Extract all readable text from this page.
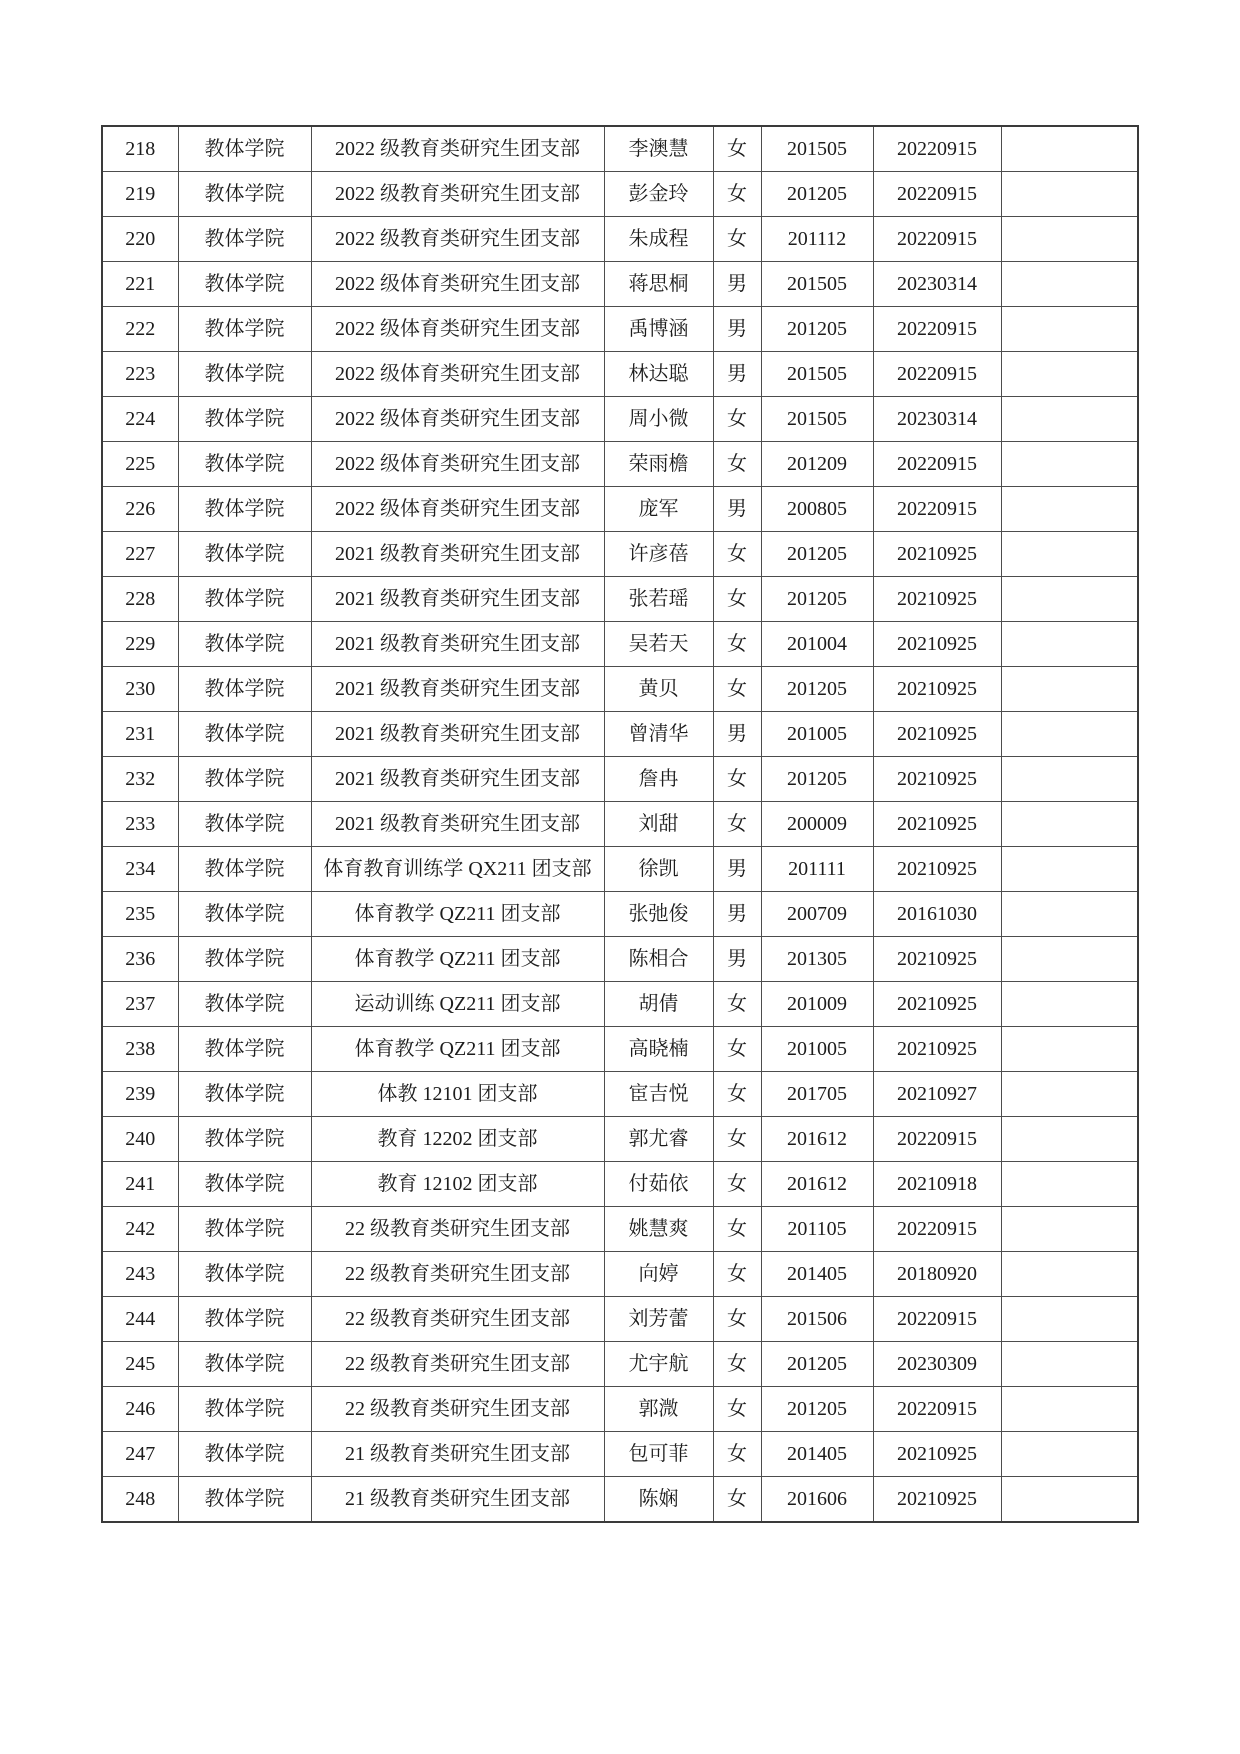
218	教体学院	2022 级教育类研究生团支部	李澳慧	女	201505	20220915	
219	教体学院	2022 级教育类研究生团支部	彭金玲	女	201205	20220915	
220	教体学院	2022 级教育类研究生团支部	朱成程	女	201112	20220915	
221	教体学院	2022 级体育类研究生团支部	蒋思桐	男	201505	20230314	
222	教体学院	2022 级体育类研究生团支部	禹博涵	男	201205	20220915	
223	教体学院	2022 级体育类研究生团支部	林达聪	男	201505	20220915	
224	教体学院	2022 级体育类研究生团支部	周小微	女	201505	20230314	
225	教体学院	2022 级体育类研究生团支部	荣雨檐	女	201209	20220915	
226	教体学院	2022 级体育类研究生团支部	庞军	男	200805	20220915	
227	教体学院	2021 级教育类研究生团支部	许彦蓓	女	201205	20210925	
228	教体学院	2021 级教育类研究生团支部	张若瑶	女	201205	20210925	
229	教体学院	2021 级教育类研究生团支部	吴若天	女	201004	20210925	
230	教体学院	2021 级教育类研究生团支部	黄贝	女	201205	20210925	
231	教体学院	2021 级教育类研究生团支部	曾清华	男	201005	20210925	
232	教体学院	2021 级教育类研究生团支部	詹冉	女	201205	20210925	
233	教体学院	2021 级教育类研究生团支部	刘甜	女	200009	20210925	
234	教体学院	体育教育训练学 QX211 团支部	徐凯	男	201111	20210925	
235	教体学院	体育教学 QZ211 团支部	张弛俊	男	200709	20161030	
236	教体学院	体育教学 QZ211 团支部	陈相合	男	201305	20210925	
237	教体学院	运动训练 QZ211 团支部	胡倩	女	201009	20210925	
238	教体学院	体育教学 QZ211 团支部	高晓楠	女	201005	20210925	
239	教体学院	体教 12101 团支部	宦吉悦	女	201705	20210927	
240	教体学院	教育 12202 团支部	郭尤睿	女	201612	20220915	
241	教体学院	教育 12102 团支部	付茹依	女	201612	20210918	
242	教体学院	22 级教育类研究生团支部	姚慧爽	女	201105	20220915	
243	教体学院	22 级教育类研究生团支部	向婷	女	201405	20180920	
244	教体学院	22 级教育类研究生团支部	刘芳蕾	女	201506	20220915	
245	教体学院	22 级教育类研究生团支部	尤宇航	女	201205	20230309	
246	教体学院	22 级教育类研究生团支部	郭溦	女	201205	20220915	
247	教体学院	21 级教育类研究生团支部	包可菲	女	201405	20210925	
248	教体学院	21 级教育类研究生团支部	陈娴	女	201606	20210925	
